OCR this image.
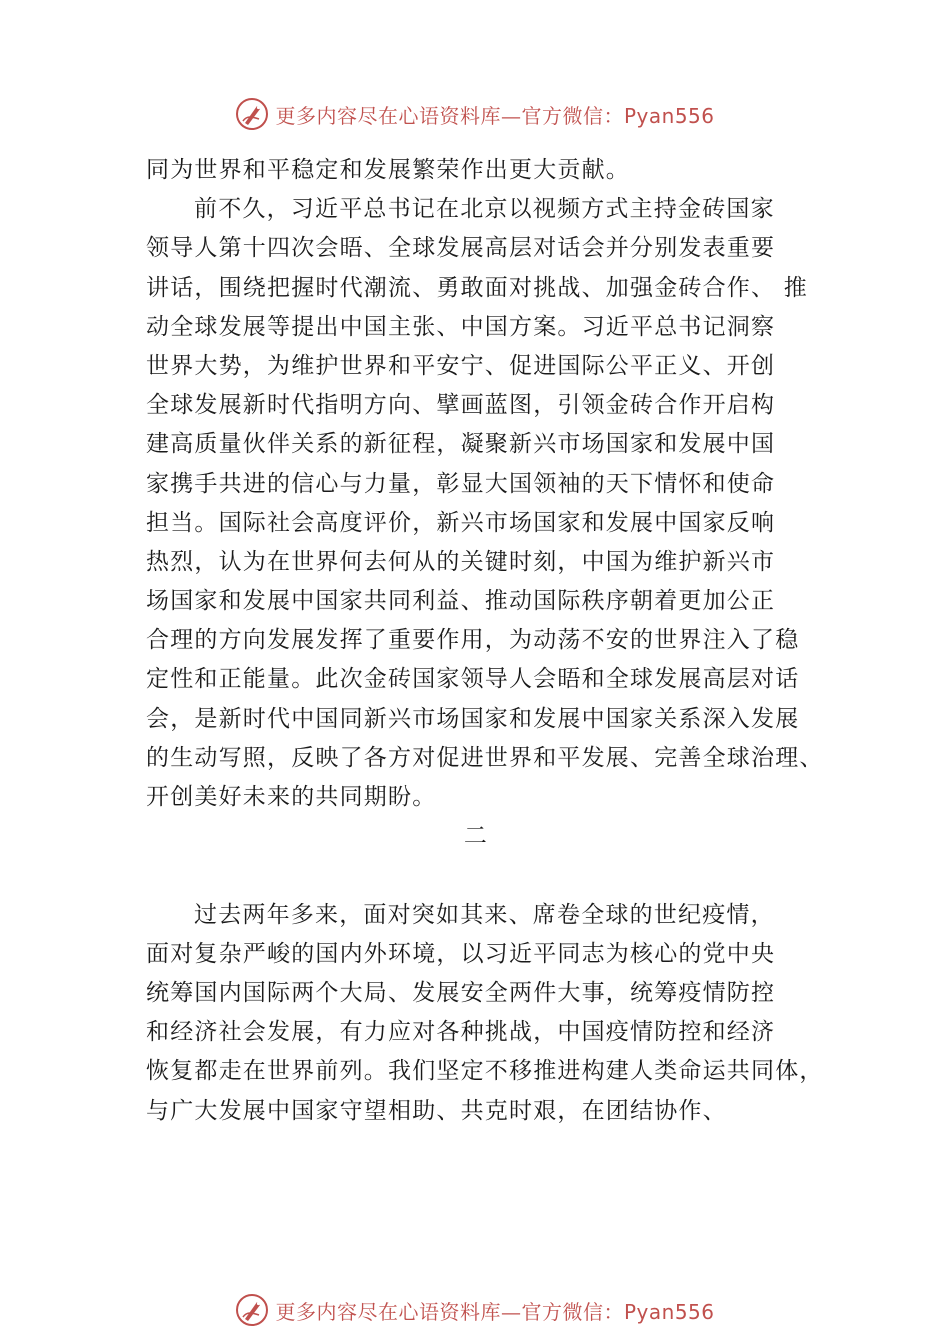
更多内容尽在心语资料库—官方微信：Pyan556
同为世界和平稳定和发展繁荣作出更大贡献。
前不久，习近平总书记在北京以视频方式主持金砖国家
领导人第十四次会晤、全球发展高层对话会并分别发表重要
讲话，围绕把握时代潮流、勇敢面对挑战、加强金砖合作、 推
动全球发展等提出中国主张、中国方案。习近平总书记洞察
世界大势，为维护世界和平安宁、促进国际公平正义、开创
全球发展新时代指明方向、擘画蓝图，引领金砖合作开启构
建高质量伙伴关系的新征程，凝聚新兴市场国家和发展中国
家携手共进的信心与力量，彰显大国领袖的天下情怀和使命
担当。国际社会高度评价，新兴市场国家和发展中国家反响
热烈，认为在世界何去何从的关键时刻，中国为维护新兴市
场国家和发展中国家共同利益、推动国际秩序朝着更加公正
合理的方向发展发挥了重要作用，为动荡不安的世界注入了稳
定性和正能量。此次金砖国家领导人会晤和全球发展高层对话
会，是新时代中国同新兴市场国家和发展中国家关系深入发展
的生动写照，反映了各方对促进世界和平发展、完善全球治理、
开创美好未来的共同期盼。
二
过去两年多来，面对突如其来、席卷全球的世纪疫情，
面对复杂严峻的国内外环境，以习近平同志为核心的党中央
统筹国内国际两个大局、发展安全两件大事，统筹疫情防控
和经济社会发展，有力应对各种挑战，中国疫情防控和经济
恢复都走在世界前列。我们坚定不移推进构建人类命运共同体，
与广大发展中国家守望相助、共克时艰，在团结协作、
更多内容尽在心语资料库—官方微信：Pyan556
